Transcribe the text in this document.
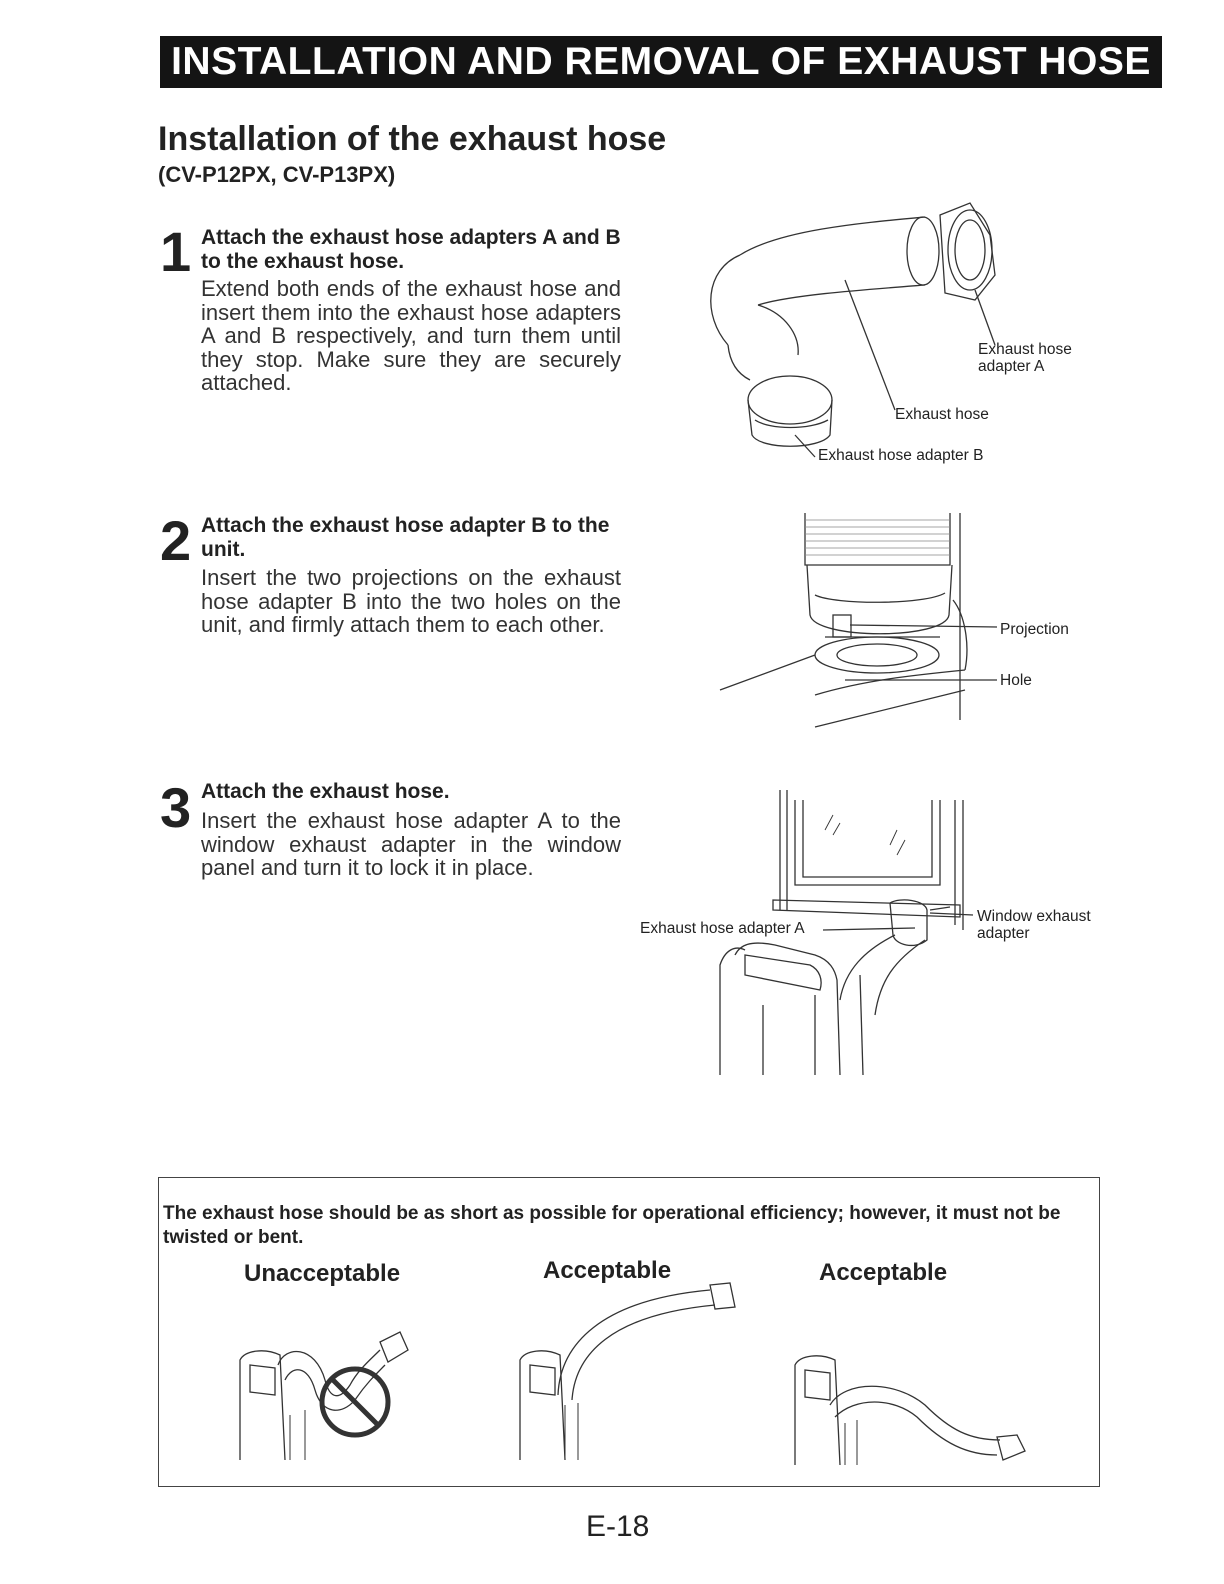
INSTALLATION AND REMOVAL OF EXHAUST HOSE
Installation of the exhaust hose
(CV-P12PX, CV-P13PX)
1 Attach the exhaust hose adapters A and B to the exhaust hose.
Extend both ends of the exhaust hose and insert them into the exhaust hose adapters A and B respectively, and turn them until they stop. Make sure they are securely attached.
Exhaust hose
adapter A
Exhaust hose
Exhaust hose adapter B
2 Attach the exhaust hose adapter B to the unit.
Insert the two projections on the exhaust hose adapter B into the two holes on the unit, and firmly attach them to each other.	Projection
Hole
3 Attach the exhaust hose.
Insert the exhaust hose adapter A to the window exhaust adapter in the window panel and turn it to lock it in place.
Exhaust hose adapter A
Window exhaust
adapter
The exhaust hose should be as short as possible for operational efficiency; however, it must not be twisted or bent.
Unacceptable	Acceptable	Acceptable
E-18
